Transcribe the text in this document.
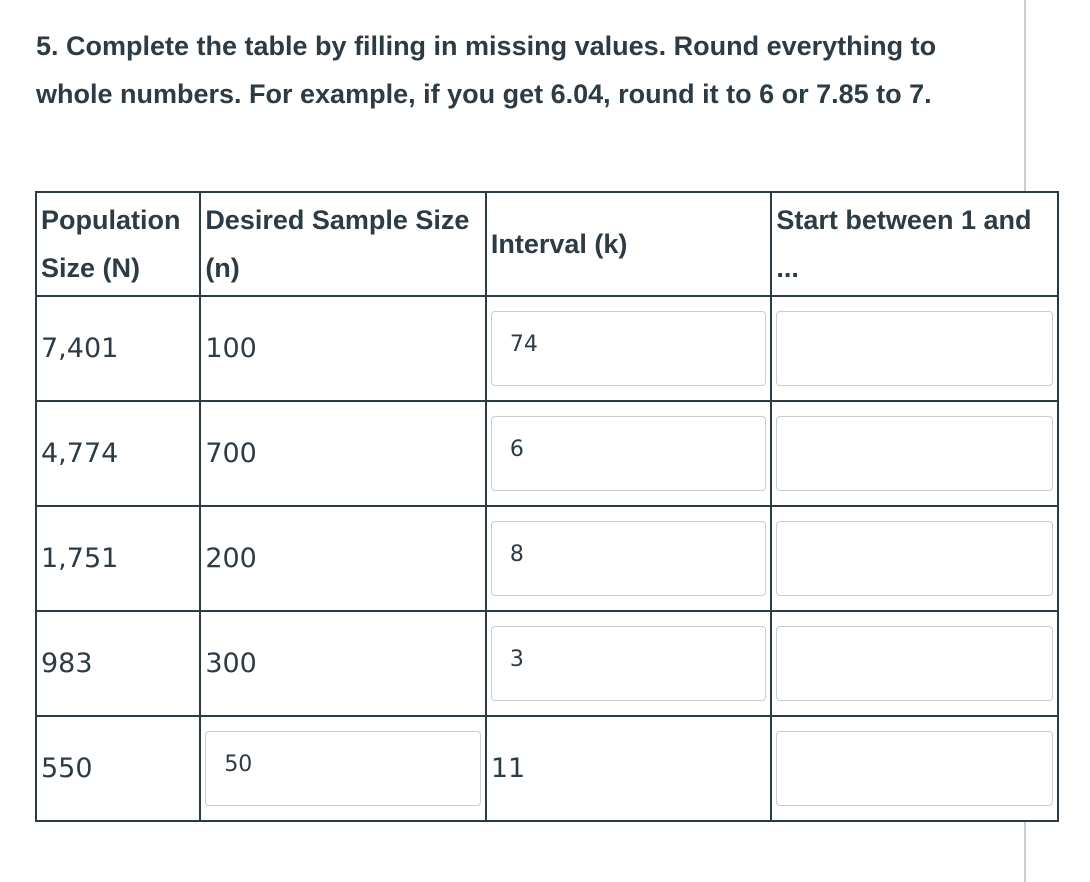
5. Complete the table by filling in missing values. Round everything to whole numbers. For example, if you get 6.04, round it to 6 or 7.85 to 7.
Population Size (N)	Desired Sample Size (n)	Interval (k)	Start between 1 and ...

7,401	100	74	

4,774	700	6	

1,751	200	8	

983	300	3	

550	50	11	
